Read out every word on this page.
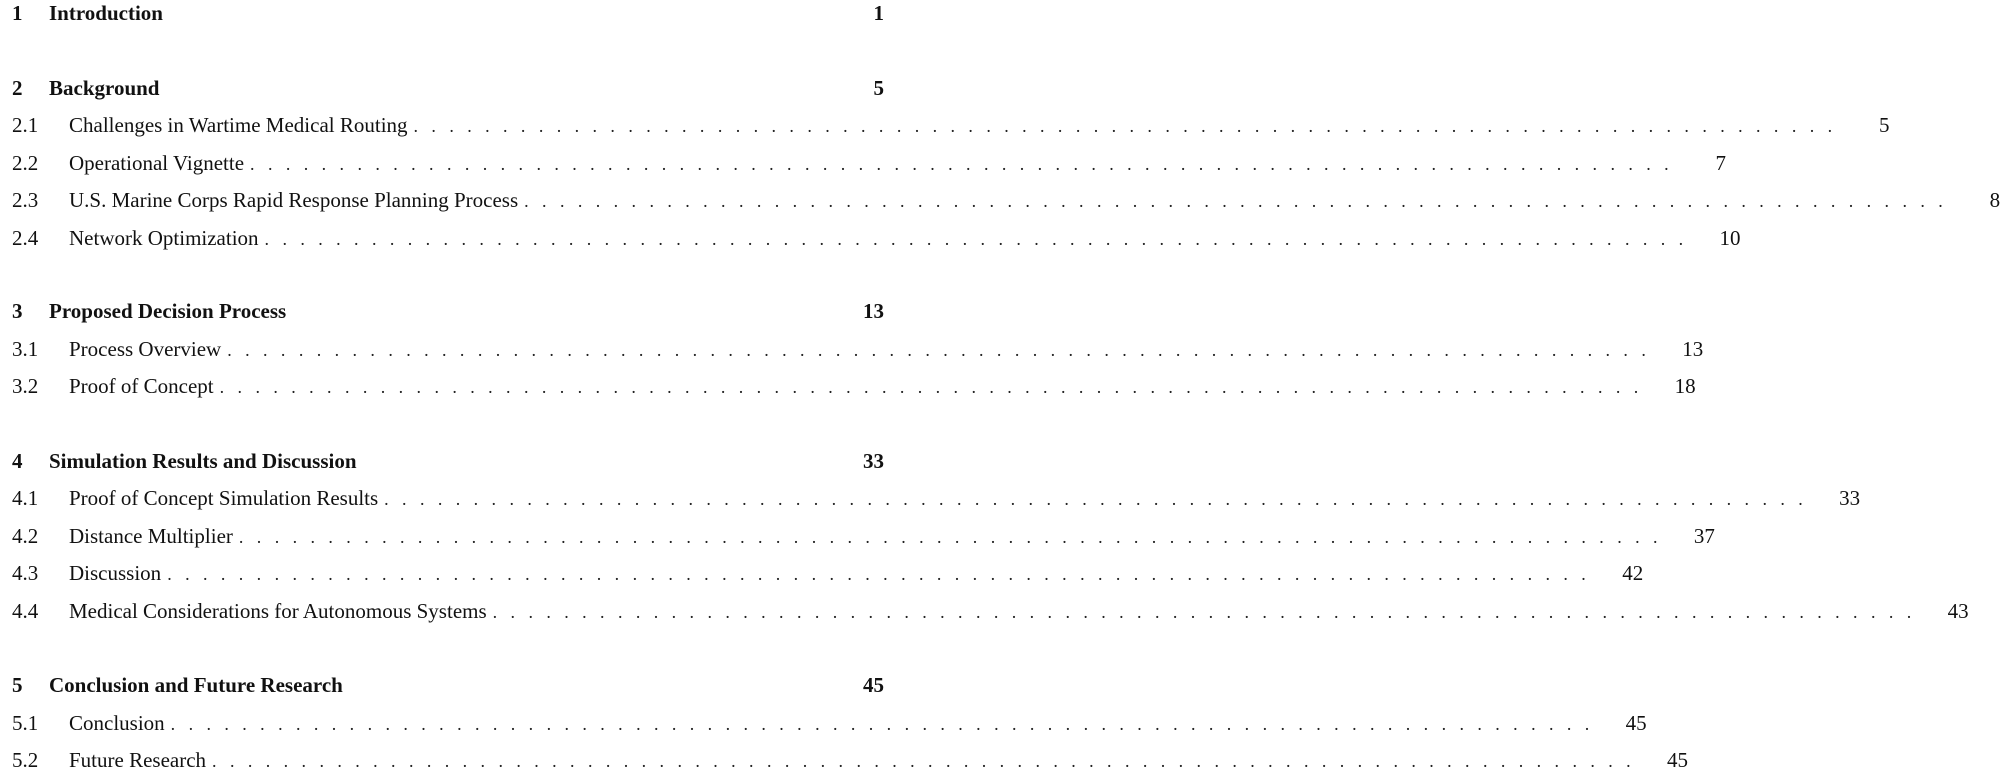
1	Introduction	1
2	Background	5
2.1	Challenges in Wartime Medical Routing ................................................................................	5
2.2	Operational Vignette ................................................................................	7
2.3	U.S. Marine Corps Rapid Response Planning Process ................................................................................	8
2.4	Network Optimization ................................................................................	10
3	Proposed Decision Process	13
3.1	Process Overview ................................................................................	13
3.2	Proof of Concept ................................................................................	18
4	Simulation Results and Discussion	33
4.1	Proof of Concept Simulation Results ................................................................................	33
4.2	Distance Multiplier ................................................................................	37
4.3	Discussion ................................................................................	42
4.4	Medical Considerations for Autonomous Systems ................................................................................	43
5	Conclusion and Future Research	45
5.1	Conclusion ................................................................................	45
5.2	Future Research ................................................................................	45
